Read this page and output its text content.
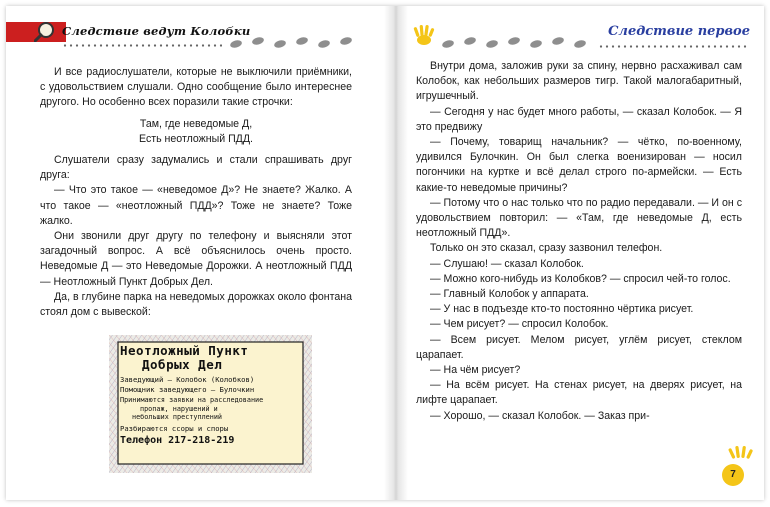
Следствие ведут Колобки

И все радиослушатели, которые не выключили приёмники, с удовольствием слушали. Одно сообщение было интереснее другого. Но особенно всех поразили такие строчки:

Там, где неведомые Д,

Есть неотложный ПДД.

Слушатели сразу задумались и стали спрашивать друг друга:

— Что это такое — «неведомое Д»? Не знаете? Жалко. А что такое — «неотложный ПДД»? Тоже не знаете? Тоже жалко.

Они звонили друг другу по телефону и выясняли этот загадочный вопрос. А всё объяснилось очень просто. Неведомые Д — это Неведомые Дорожки. А неотложный ПДД — Неотложный Пункт Добрых Дел.

Да, в глубине парка на неведомых дорожках около фонтана стоял дом с вывеской:

Неотложный Пункт
Добрых Дел
Заведующий — Колобок (Колобков)
Помощник заведующего — Булочкин
Принимаются заявки на расследование
пропаж, нарушений и
небольших преступлений
Разбираются ссоры и споры
Телефон 217-218-219
Следствие первое

Внутри дома, заложив руки за спину, нервно расхаживал сам Колобок, как небольших размеров тигр. Такой малогабаритный, игрушечный.

— Сегодня у нас будет много работы, — сказал Колобок. — Я это предвижу

— Почему, товарищ начальник? — чётко, по-военному, удивился Булочкин. Он был слегка военизирован — носил погончики на куртке и всё делал строго по-армейски. — Есть какие-то неведомые причины?

— Потому что о нас только что по радио передавали. — И он с удовольствием повторил: — «Там, где неведомые Д, есть неотложный ПДД».

Только он это сказал, сразу зазвонил телефон.

— Слушаю! — сказал Колобок.

— Можно кого-нибудь из Колобков? — спросил чей-то голос.

— Главный Колобок у аппарата.

— У нас в подъезде кто-то постоянно чёртика рисует.

— Чем рисует? — спросил Колобок.

— Всем рисует. Мелом рисует, углём рисует, стеклом царапает.

— На чём рисует?

— На всём рисует. На стенах рисует, на дверях рисует, на лифте царапает.

— Хорошо, — сказал Колобок. — Заказ при-

7
